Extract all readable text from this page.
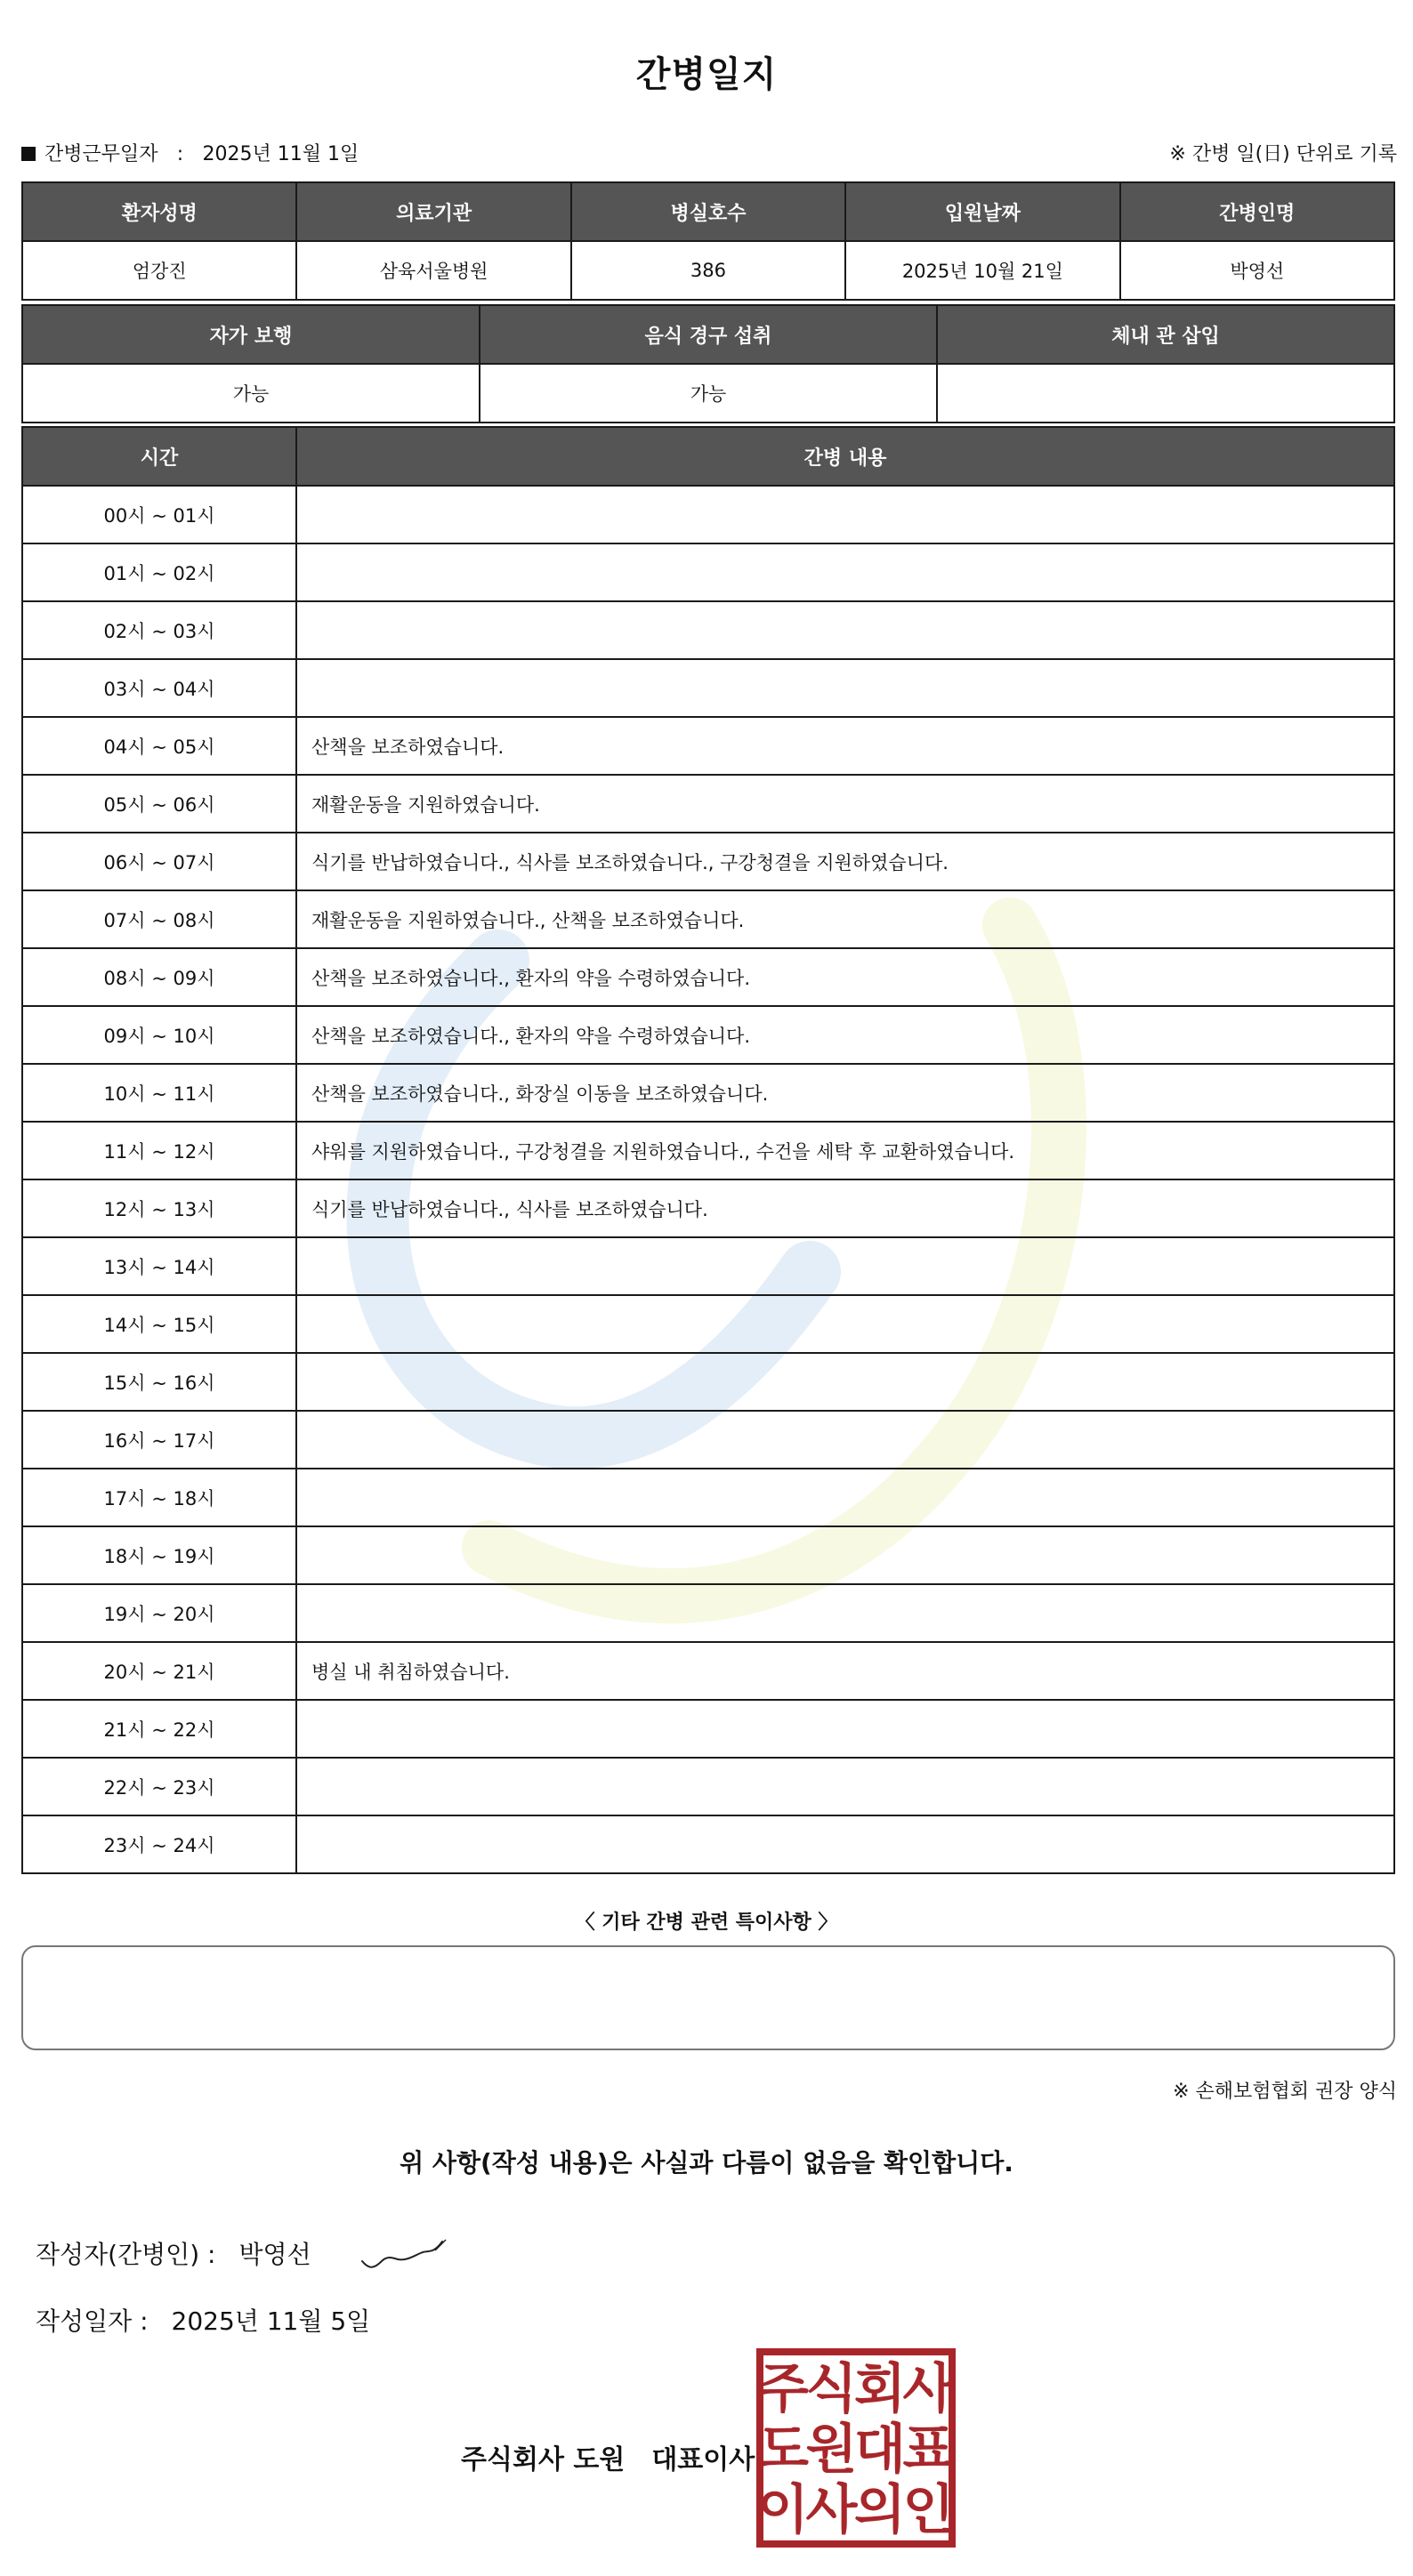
간병일지
간병근무일자 : 2025년 11월 1일	※ 간병 일(日) 단위로 기록
환자성명	의료기관	병실호수	입원날짜	간병인명
엄강진	삼육서울병원	386	2025년 10월 21일	박영선
자가 보행	음식 경구 섭취	체내 관 삽입
가능	가능	
시간	간병 내용
00시 ~ 01시	
01시 ~ 02시	
02시 ~ 03시	
03시 ~ 04시	
04시 ~ 05시	산책을 보조하였습니다.
05시 ~ 06시	재활운동을 지원하였습니다.
06시 ~ 07시	식기를 반납하였습니다., 식사를 보조하였습니다., 구강청결을 지원하였습니다.
07시 ~ 08시	재활운동을 지원하였습니다., 산책을 보조하였습니다.
08시 ~ 09시	산책을 보조하였습니다., 환자의 약을 수령하였습니다.
09시 ~ 10시	산책을 보조하였습니다., 환자의 약을 수령하였습니다.
10시 ~ 11시	산책을 보조하였습니다., 화장실 이동을 보조하였습니다.
11시 ~ 12시	샤워를 지원하였습니다., 구강청결을 지원하였습니다., 수건을 세탁 후 교환하였습니다.
12시 ~ 13시	식기를 반납하였습니다., 식사를 보조하였습니다.
13시 ~ 14시	
14시 ~ 15시	
15시 ~ 16시	
16시 ~ 17시	
17시 ~ 18시	
18시 ~ 19시	
19시 ~ 20시	
20시 ~ 21시	병실 내 취침하였습니다.
21시 ~ 22시	
22시 ~ 23시	
23시 ~ 24시	
〈 기타 간병 관련 특이사항 〉
※ 손해보험협회 권장 양식
위 사항(작성 내용)은 사실과 다름이 없음을 확인합니다.
작성자(간병인) : 박영선
작성일자 : 2025년 11월 5일
주식회사 도원 대표이사
주
식
회
사
도
원
대
표
이
사
의
인
